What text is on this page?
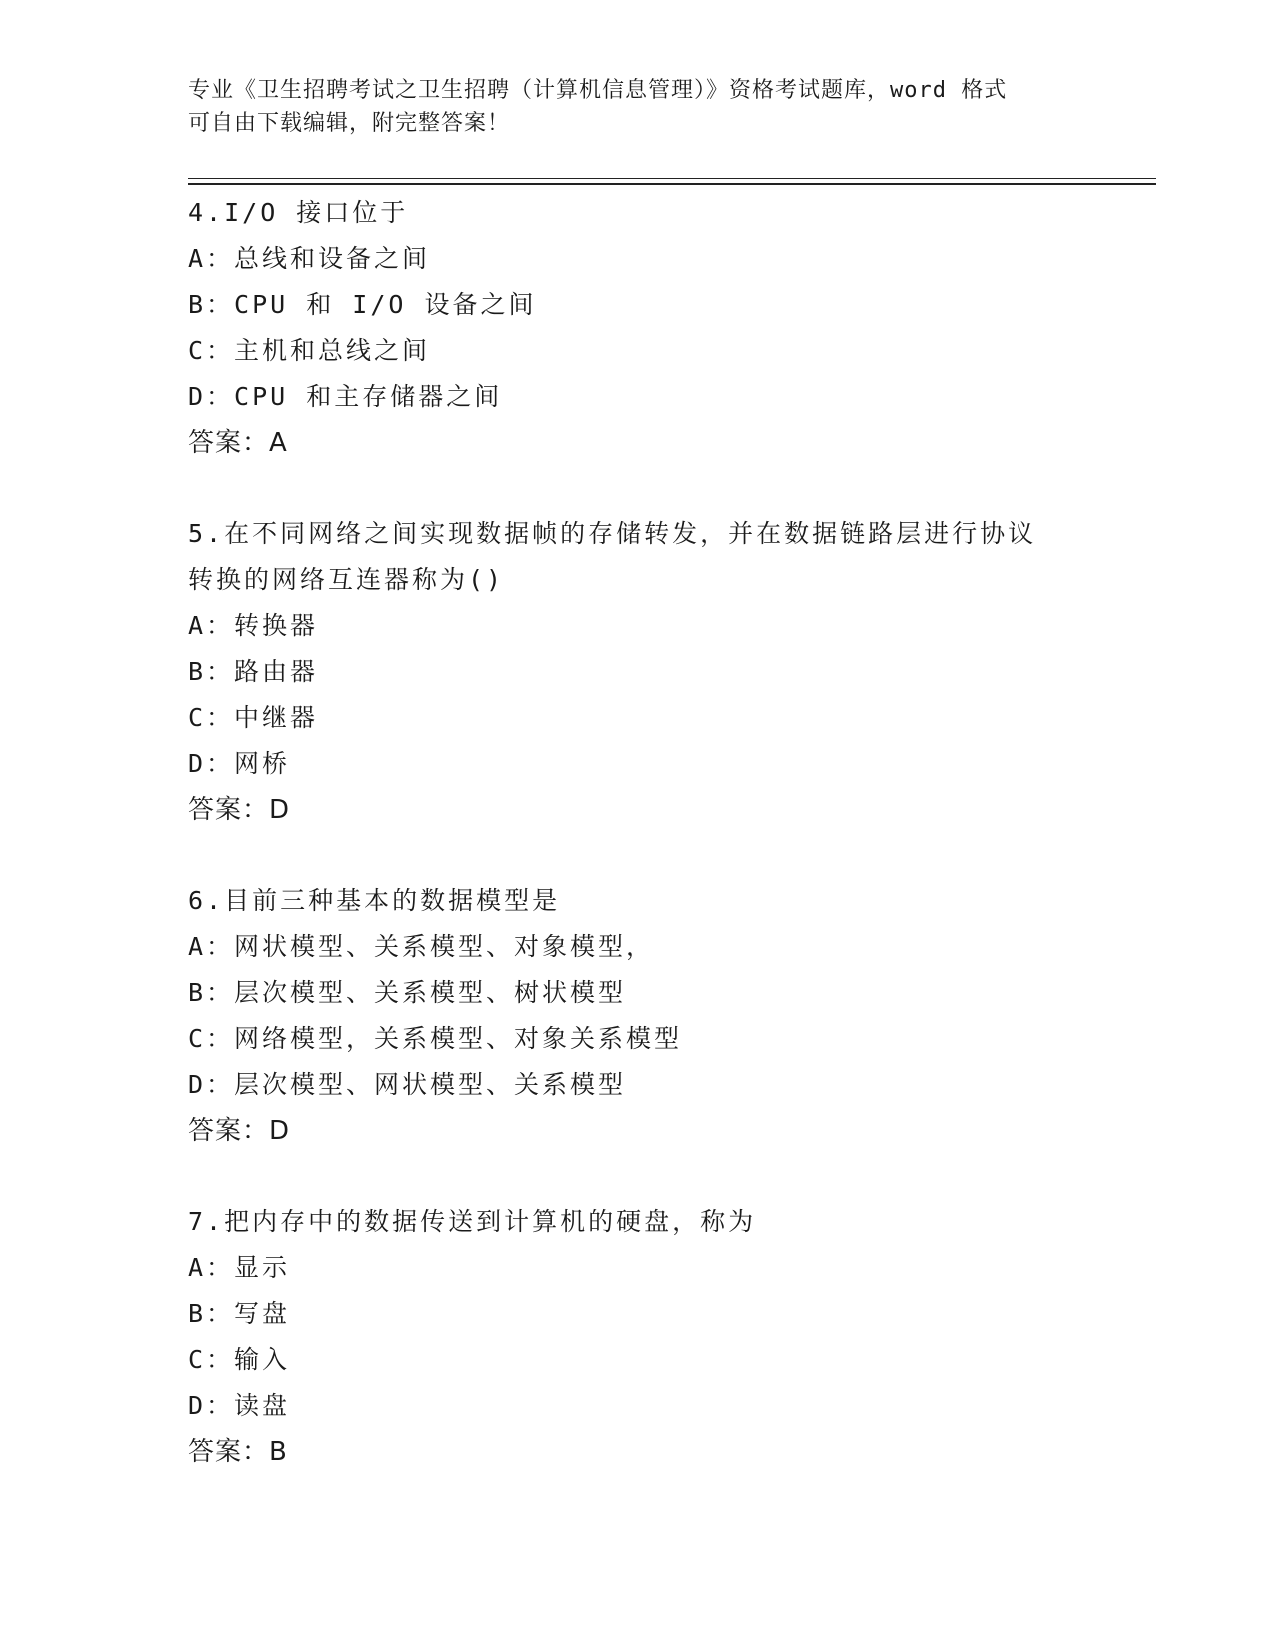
专业《卫生招聘考试之卫生招聘（计算机信息管理）》资格考试题库，word 格式
可自由下载编辑，附完整答案！
4.I/O 接口位于
A：总线和设备之间
B：CPU 和 I/O 设备之间
C：主机和总线之间
D：CPU 和主存储器之间
答案：A
5.在不同网络之间实现数据帧的存储转发，并在数据链路层进行协议转换的网络互连器称为()
A：转换器
B：路由器
C：中继器
D：网桥
答案：D
6.目前三种基本的数据模型是
A：网状模型、关系模型、对象模型，
B：层次模型、关系模型、树状模型
C：网络模型，关系模型、对象关系模型
D：层次模型、网状模型、关系模型
答案：D
7.把内存中的数据传送到计算机的硬盘，称为
A：显示
B：写盘
C：输入
D：读盘
答案：B
